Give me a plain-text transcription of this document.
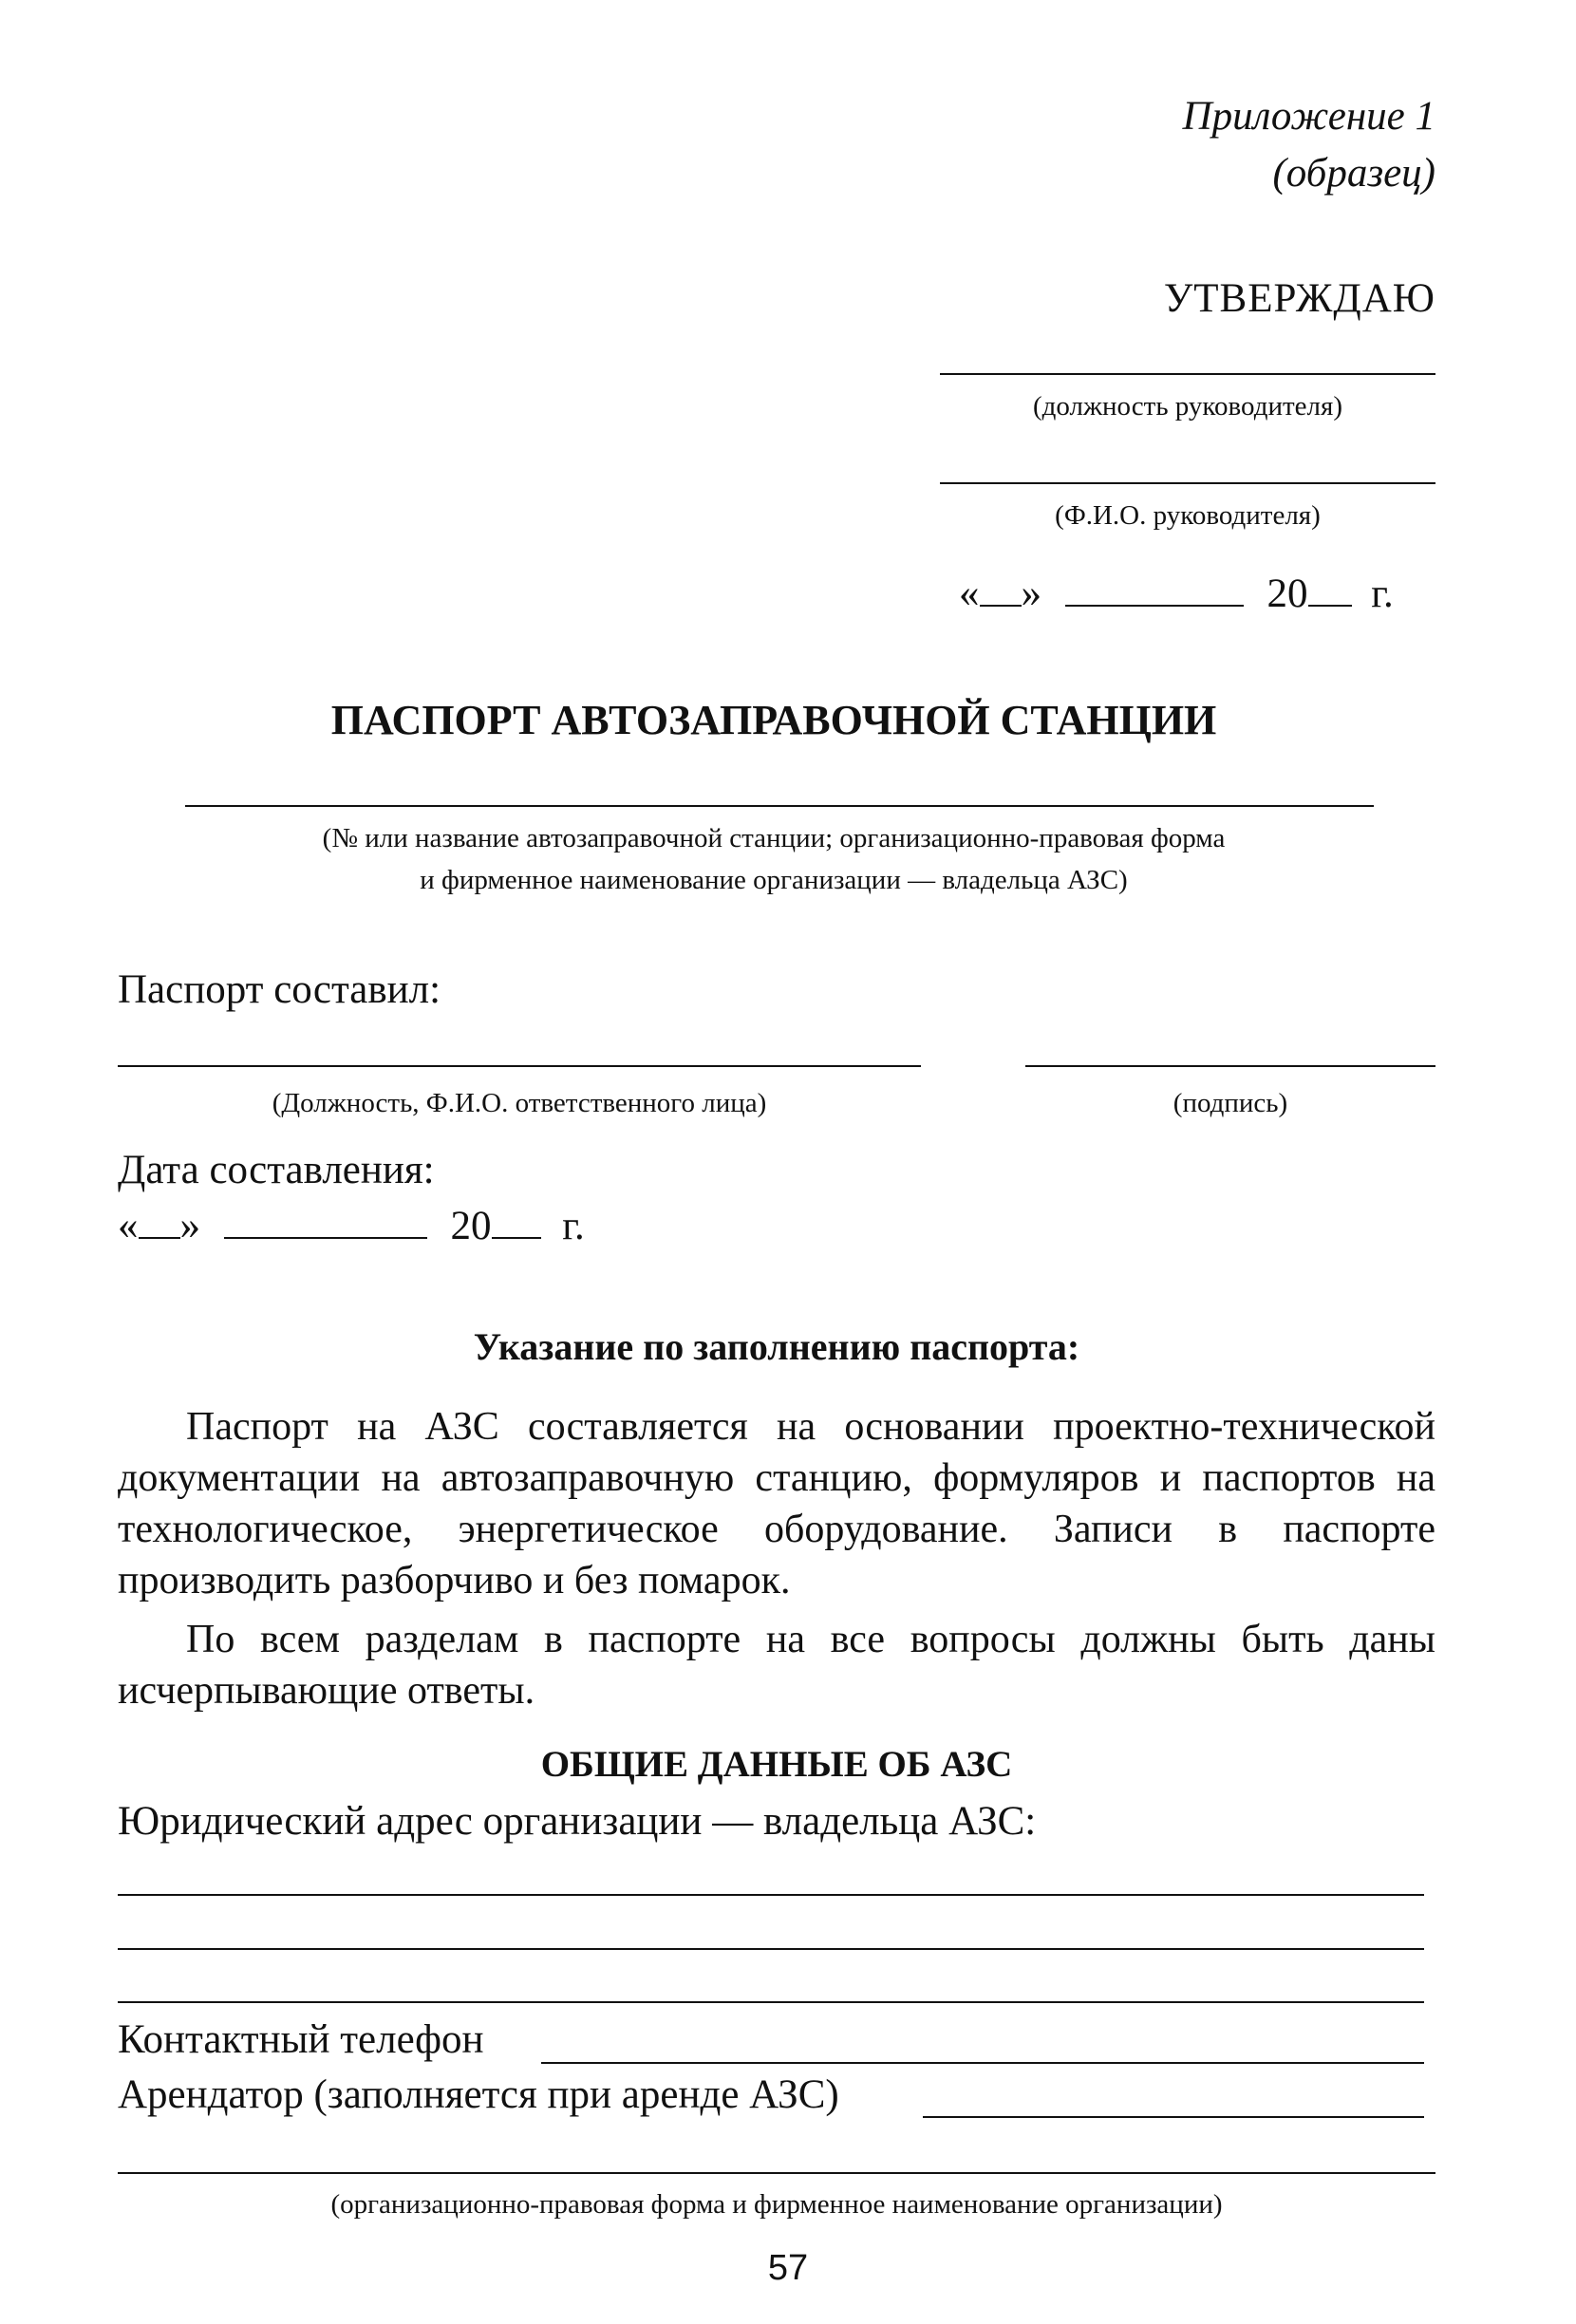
Приложение 1
(образец)
УТВЕРЖДАЮ
(должность руководителя)
(Ф.И.О. руководителя)
« »	20 г.
ПАСПОРТ АВТОЗАПРАВОЧНОЙ СТАНЦИИ
(№ или название автозаправочной станции; организационно-правовая форма
и фирменное наименование организации — владельца АЗС)
Паспорт составил:
(Должность, Ф.И.О. ответственного лица)	(подпись)
Дата составления:
« »	20 г.
Указание по заполнению паспорта:
Паспорт на АЗС составляется на основании проектно-технической документации на автозаправочную станцию, формуляров и паспортов на технологическое, энергетическое оборудование. Записи в паспорте производить разборчиво и без помарок.
По всем разделам в паспорте на все вопросы должны быть даны исчерпывающие ответы.
ОБЩИЕ ДАННЫЕ ОБ АЗС
Юридический адрес организации — владельца АЗС:
Контактный телефон
Арендатор (заполняется при аренде АЗС)
(организационно-правовая форма и фирменное наименование организации)
57
